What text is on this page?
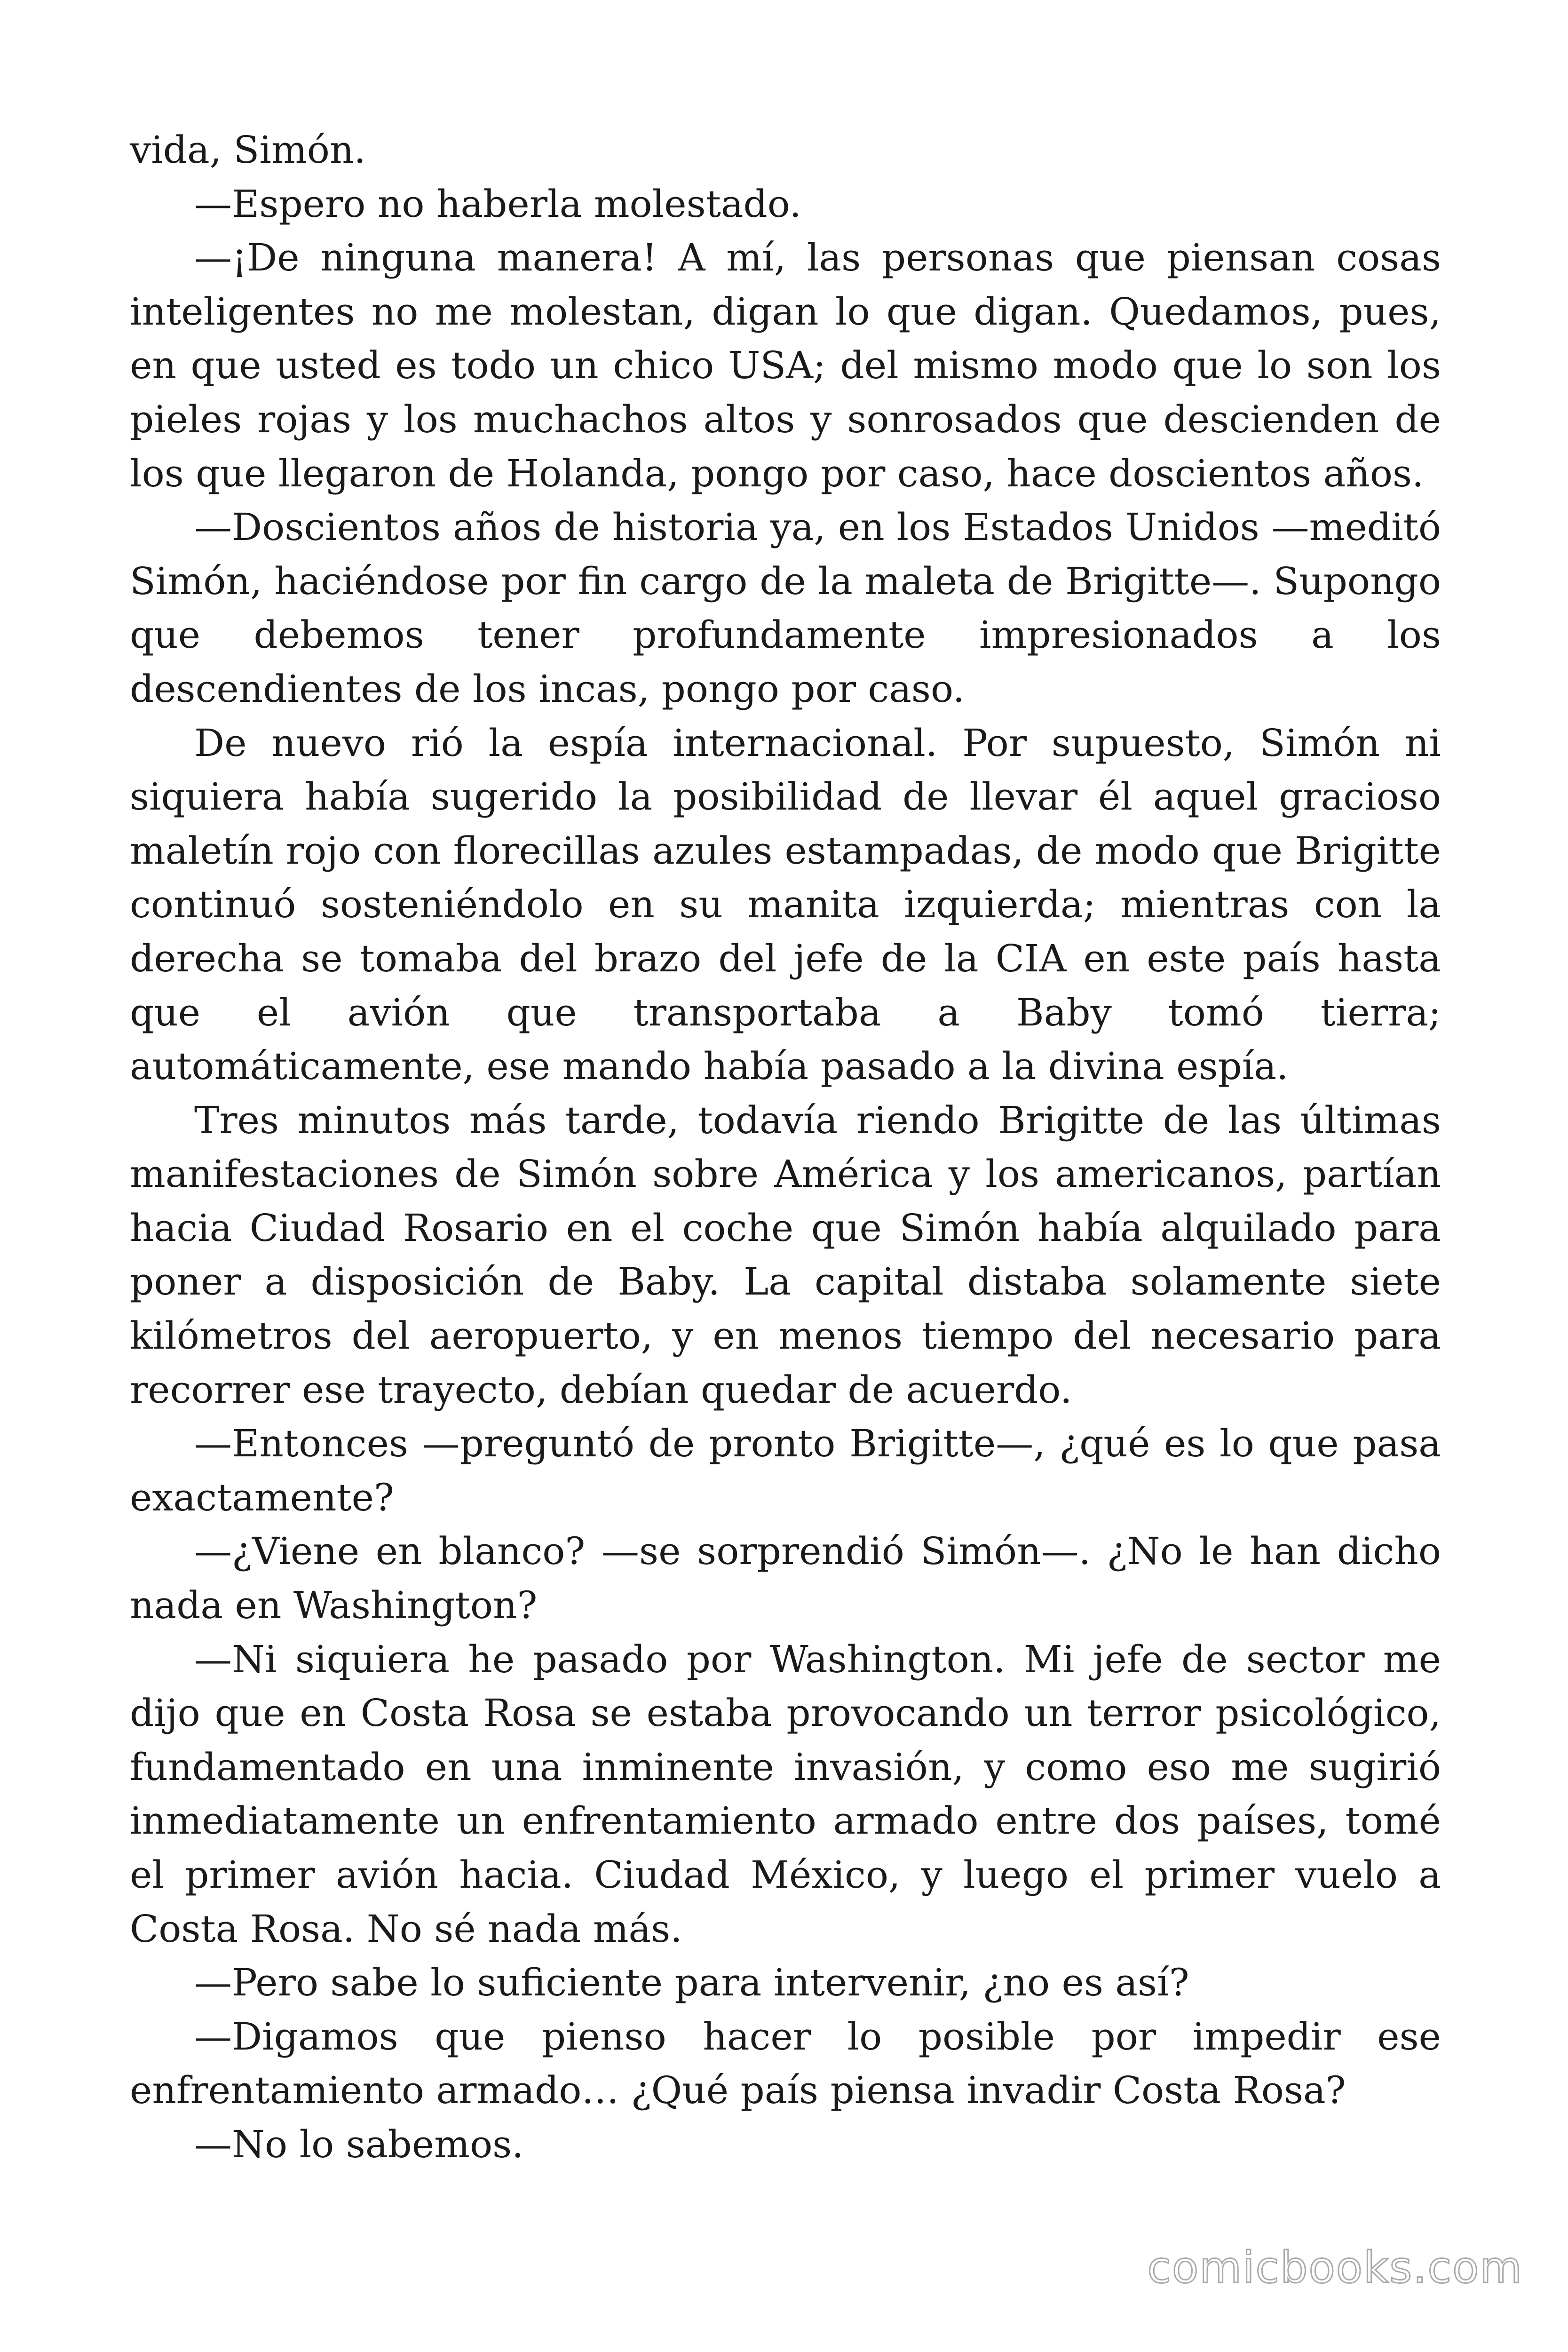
vida, Simón.

—Espero no haberla molestado.

—¡De ninguna manera! A mí, las personas que piensan cosas inteligentes no me molestan, digan lo que digan. Quedamos, pues, en que usted es todo un chico USA; del mismo modo que lo son los pieles rojas y los muchachos altos y sonrosados que descienden de los que llegaron de Holanda, pongo por caso, hace doscientos años.

—Doscientos años de historia ya, en los Estados Unidos —meditó Simón, haciéndose por fin cargo de la maleta de Brigitte—. Supongo que debemos tener profundamente impresionados a los descendientes de los incas, pongo por caso.

De nuevo rió la espía internacional. Por supuesto, Simón ni siquiera había sugerido la posibilidad de llevar él aquel gracioso maletín rojo con florecillas azules estampadas, de modo que Brigitte continuó sosteniéndolo en su manita izquierda; mientras con la derecha se tomaba del brazo del jefe de la CIA en este país hasta que el avión que transportaba a Baby tomó tierra; automáticamente, ese mando había pasado a la divina espía.

Tres minutos más tarde, todavía riendo Brigitte de las últimas manifestaciones de Simón sobre América y los americanos, partían hacia Ciudad Rosario en el coche que Simón había alquilado para poner a disposición de Baby. La capital distaba solamente siete kilómetros del aeropuerto, y en menos tiempo del necesario para recorrer ese trayecto, debían quedar de acuerdo.

—Entonces —preguntó de pronto Brigitte—, ¿qué es lo que pasa exactamente?

—¿Viene en blanco? —se sorprendió Simón—. ¿No le han dicho nada en Washington?

—Ni siquiera he pasado por Washington. Mi jefe de sector me dijo que en Costa Rosa se estaba provocando un terror psicológico, fundamentado en una inminente invasión, y como eso me sugirió inmediatamente un enfrentamiento armado entre dos países, tomé el primer avión hacia. Ciudad México, y luego el primer vuelo a Costa Rosa. No sé nada más.

—Pero sabe lo suficiente para intervenir, ¿no es así?

—Digamos que pienso hacer lo posible por impedir ese enfrentamiento armado… ¿Qué país piensa invadir Costa Rosa?

—No lo sabemos.

comicbooks.com
